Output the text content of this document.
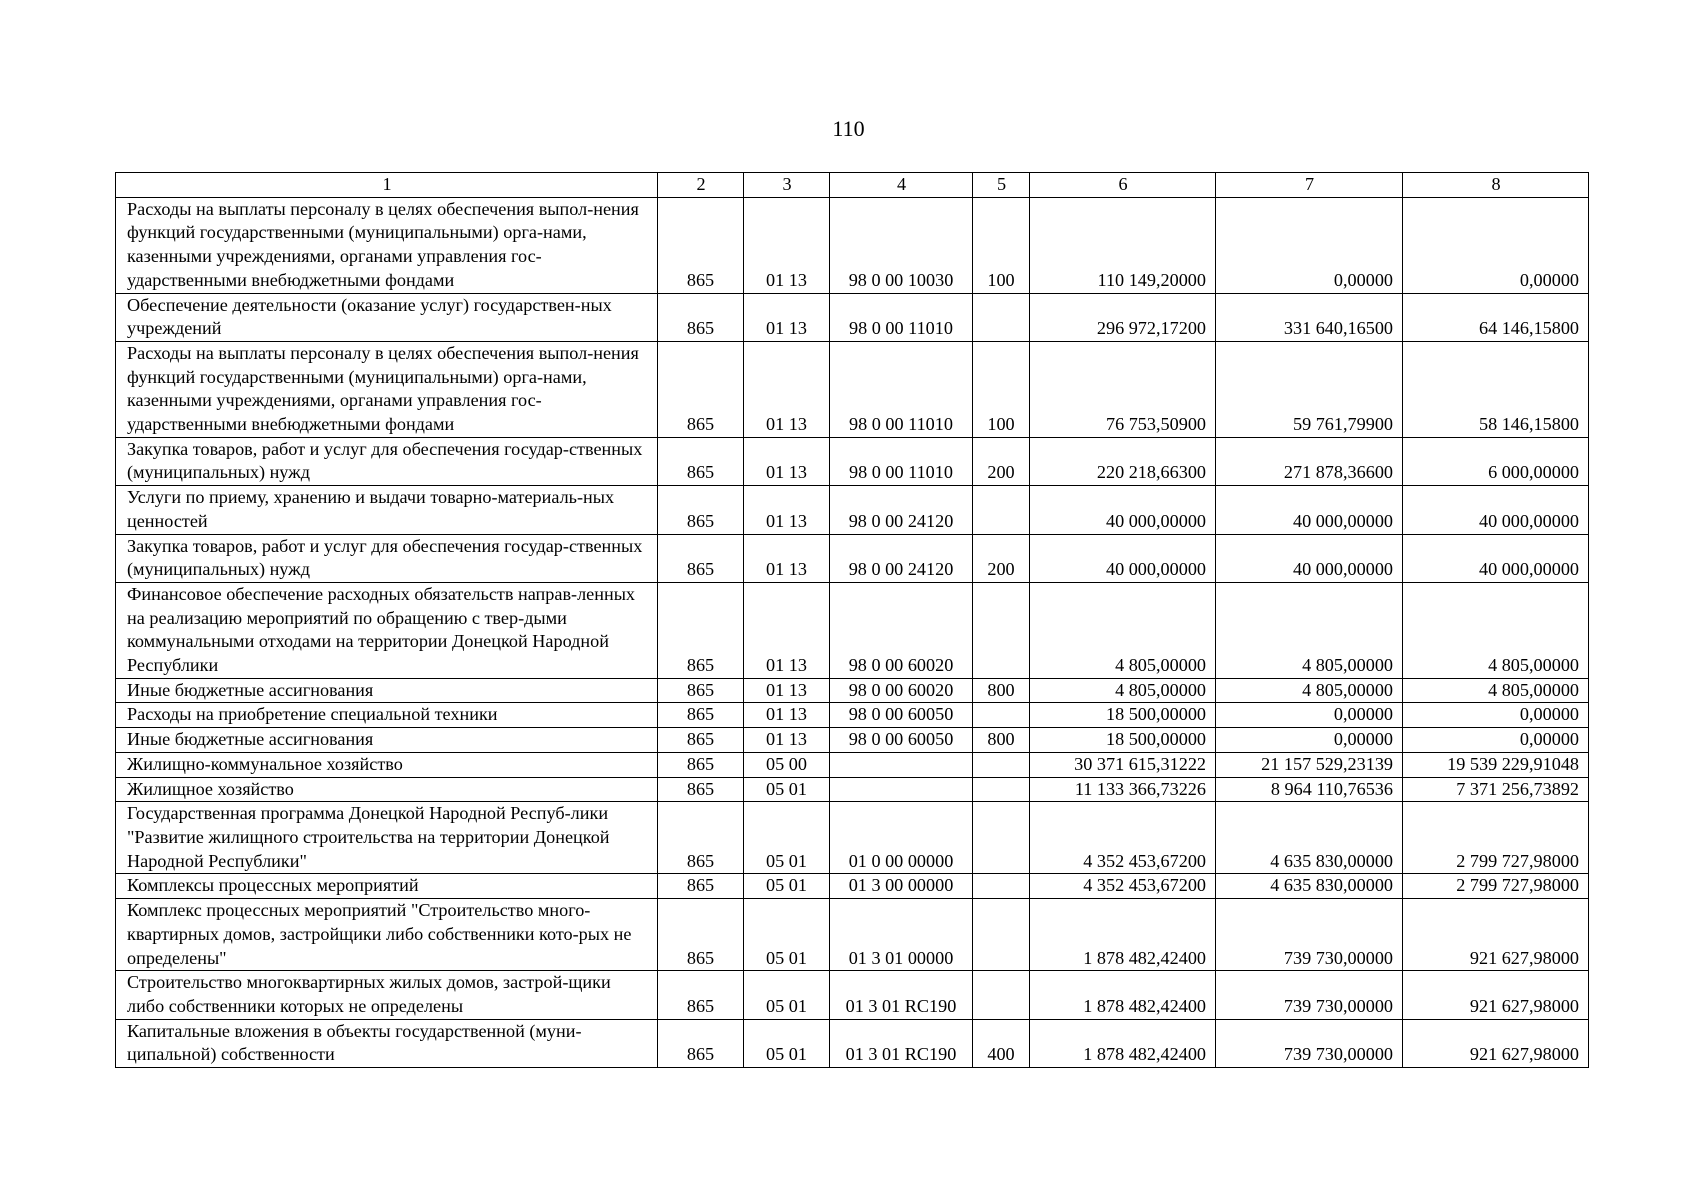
110
1	2	3	4	5	6	7	8
Расходы на выплаты персоналу в целях обеспечения выпол-нения функций государственными (муниципальными) орга-нами, казенными учреждениями, органами управления гос-ударственными внебюджетными фондами	865	01 13	98 0 00 10030	100	110 149,20000	0,00000	0,00000
Обеспечение деятельности (оказание услуг) государствен-ных учреждений	865	01 13	98 0 00 11010		296 972,17200	331 640,16500	64 146,15800
Расходы на выплаты персоналу в целях обеспечения выпол-нения функций государственными (муниципальными) орга-нами, казенными учреждениями, органами управления гос-ударственными внебюджетными фондами	865	01 13	98 0 00 11010	100	76 753,50900	59 761,79900	58 146,15800
Закупка товаров, работ и услуг для обеспечения государ-ственных (муниципальных) нужд	865	01 13	98 0 00 11010	200	220 218,66300	271 878,36600	6 000,00000
Услуги по приему, хранению и выдачи товарно-материаль-ных ценностей	865	01 13	98 0 00 24120		40 000,00000	40 000,00000	40 000,00000
Закупка товаров, работ и услуг для обеспечения государ-ственных (муниципальных) нужд	865	01 13	98 0 00 24120	200	40 000,00000	40 000,00000	40 000,00000
Финансовое обеспечение расходных обязательств направ-ленных на реализацию мероприятий по обращению с твер-дыми коммунальными отходами на территории Донецкой Народной Республики	865	01 13	98 0 00 60020		4 805,00000	4 805,00000	4 805,00000
Иные бюджетные ассигнования	865	01 13	98 0 00 60020	800	4 805,00000	4 805,00000	4 805,00000
Расходы на приобретение специальной техники	865	01 13	98 0 00 60050		18 500,00000	0,00000	0,00000
Иные бюджетные ассигнования	865	01 13	98 0 00 60050	800	18 500,00000	0,00000	0,00000
Жилищно-коммунальное хозяйство	865	05 00			30 371 615,31222	21 157 529,23139	19 539 229,91048
Жилищное хозяйство	865	05 01			11 133 366,73226	8 964 110,76536	7 371 256,73892
Государственная программа Донецкой Народной Респуб-лики "Развитие жилищного строительства на территории Донецкой Народной Республики"	865	05 01	01 0 00 00000		4 352 453,67200	4 635 830,00000	2 799 727,98000
Комплексы процессных мероприятий	865	05 01	01 3 00 00000		4 352 453,67200	4 635 830,00000	2 799 727,98000
Комплекс процессных мероприятий "Строительство много-квартирных домов, застройщики либо собственники кото-рых не определены"	865	05 01	01 3 01 00000		1 878 482,42400	739 730,00000	921 627,98000
Строительство многоквартирных жилых домов, застрой-щики либо собственники которых не определены	865	05 01	01 3 01 RC190		1 878 482,42400	739 730,00000	921 627,98000
Капитальные вложения в объекты государственной (муни-ципальной) собственности	865	05 01	01 3 01 RC190	400	1 878 482,42400	739 730,00000	921 627,98000
